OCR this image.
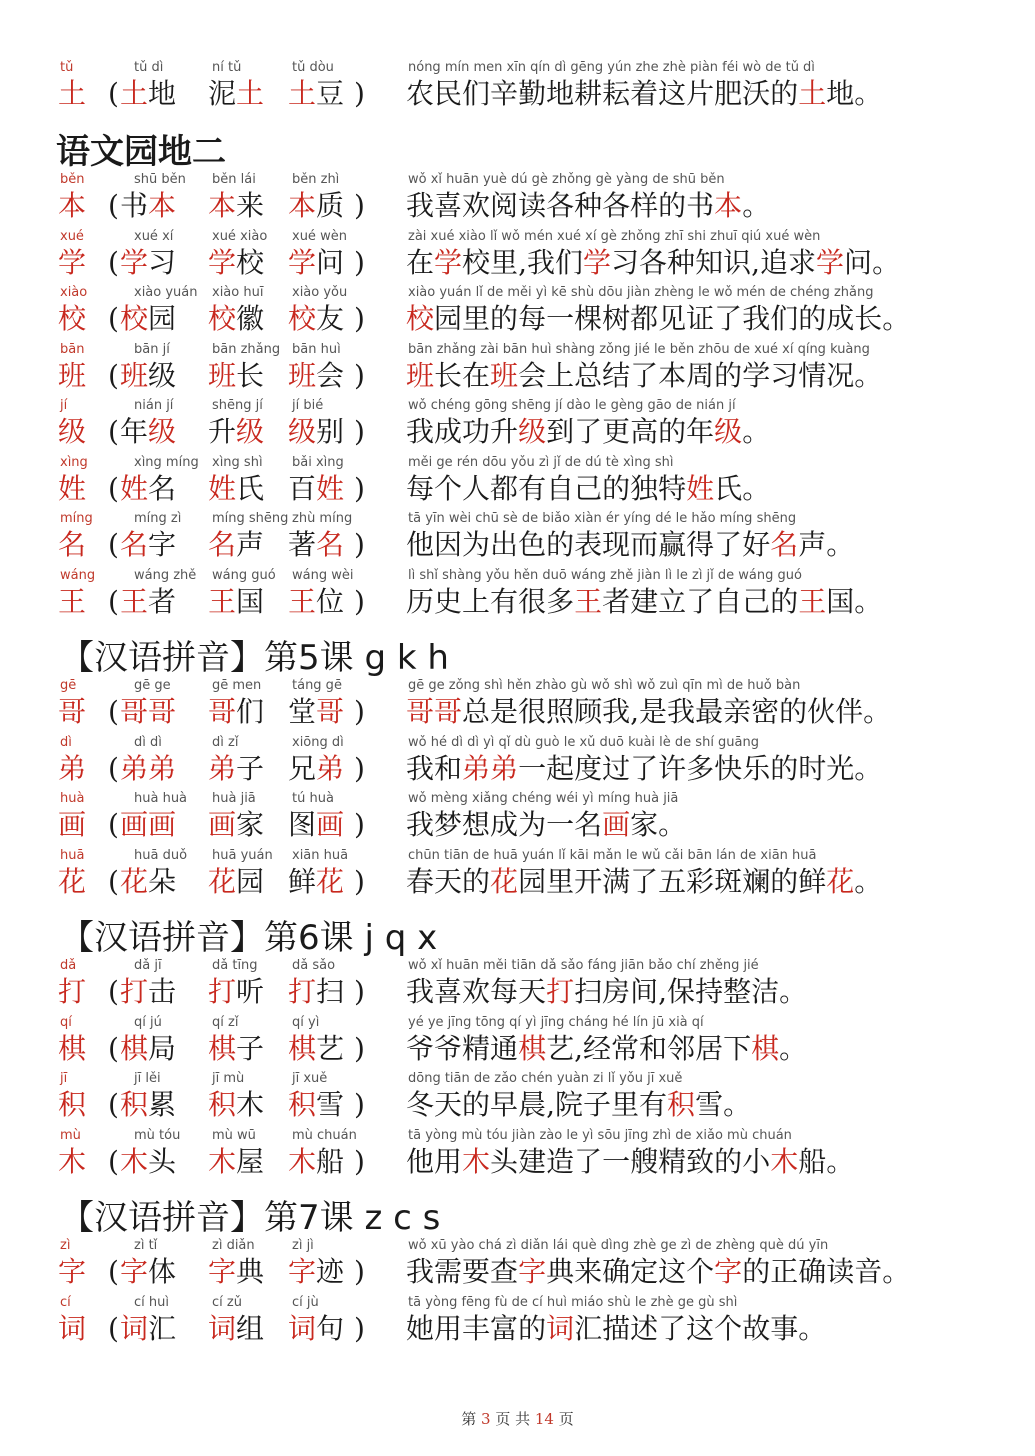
tǔ
土 (
tǔ dì
土地
ní tǔ
泥土
tǔ dòu
土豆 )
nóng mín men xīn qín dì gēng yún zhe zhè piàn féi wò de tǔ dì
农民们辛勤地耕耘着这片肥沃的土地。
语文园地二
běn
本 (
shū běn
书本
běn lái
本来
běn zhì
本质 )
wǒ xǐ huān yuè dú gè zhǒng gè yàng de shū běn
我喜欢阅读各种各样的书本。
xué
学 (
xué xí
学习
xué xiào
学校
xué wèn
学问 )
zài xué xiào lǐ wǒ mén xué xí gè zhǒng zhī shi zhuī qiú xué wèn
在学校里,我们学习各种知识,追求学问。
xiào
校 (
xiào yuán
校园
xiào huī
校徽
xiào yǒu
校友 )
xiào yuán lǐ de měi yì kē shù dōu jiàn zhèng le wǒ mén de chéng zhǎng
校园里的每一棵树都见证了我们的成长。
bān
班 (
bān jí
班级
bān zhǎng
班长
bān huì
班会 )
bān zhǎng zài bān huì shàng zǒng jié le běn zhōu de xué xí qíng kuàng
班长在班会上总结了本周的学习情况。
jí
级 (
nián jí
年级
shēng jí
升级
jí bié
级别 )
wǒ chéng gōng shēng jí dào le gèng gāo de nián jí
我成功升级到了更高的年级。
xìng
姓 (
xìng míng
姓名
xìng shì
姓氏
bǎi xìng
百姓 )
měi ge rén dōu yǒu zì jǐ de dú tè xìng shì
每个人都有自己的独特姓氏。
míng
名 (
míng zì
名字
míng shēng
名声
zhù míng
著名 )
tā yīn wèi chū sè de biǎo xiàn ér yíng dé le hǎo míng shēng
他因为出色的表现而赢得了好名声。
wáng
王 (
wáng zhě
王者
wáng guó
王国
wáng wèi
王位 )
lì shǐ shàng yǒu hěn duō wáng zhě jiàn lì le zì jǐ de wáng guó
历史上有很多王者建立了自己的王国。
【汉语拼音】第5课 g k h
gē
哥 (
gē ge
哥哥
gē men
哥们
táng gē
堂哥 )
gē ge zǒng shì hěn zhào gù wǒ shì wǒ zuì qīn mì de huǒ bàn
哥哥总是很照顾我,是我最亲密的伙伴。
dì
弟 (
dì dì
弟弟
dì zǐ
弟子
xiōng dì
兄弟 )
wǒ hé dì dì yì qǐ dù guò le xǔ duō kuài lè de shí guāng
我和弟弟一起度过了许多快乐的时光。
huà
画 (
huà huà
画画
huà jiā
画家
tú huà
图画 )
wǒ mèng xiǎng chéng wéi yì míng huà jiā
我梦想成为一名画家。
huā
花 (
huā duǒ
花朵
huā yuán
花园
xiān huā
鲜花 )
chūn tiān de huā yuán lǐ kāi mǎn le wǔ cǎi bān lán de xiān huā
春天的花园里开满了五彩斑斓的鲜花。
【汉语拼音】第6课 j q x
dǎ
打 (
dǎ jī
打击
dǎ tīng
打听
dǎ sǎo
打扫 )
wǒ xǐ huān měi tiān dǎ sǎo fáng jiān bǎo chí zhěng jié
我喜欢每天打扫房间,保持整洁。
qí
棋 (
qí jú
棋局
qí zǐ
棋子
qí yì
棋艺 )
yé ye jīng tōng qí yì jīng cháng hé lín jū xià qí
爷爷精通棋艺,经常和邻居下棋。
jī
积 (
jī lěi
积累
jī mù
积木
jī xuě
积雪 )
dōng tiān de zǎo chén yuàn zi lǐ yǒu jī xuě
冬天的早晨,院子里有积雪。
mù
木 (
mù tóu
木头
mù wū
木屋
mù chuán
木船 )
tā yòng mù tóu jiàn zào le yì sōu jīng zhì de xiǎo mù chuán
他用木头建造了一艘精致的小木船。
【汉语拼音】第7课 z c s
zì
字 (
zì tǐ
字体
zì diǎn
字典
zì jì
字迹 )
wǒ xū yào chá zì diǎn lái què dìng zhè ge zì de zhèng què dú yīn
我需要查字典来确定这个字的正确读音。
cí
词 (
cí huì
词汇
cí zǔ
词组
cí jù
词句 )
tā yòng fēng fù de cí huì miáo shù le zhè ge gù shì
她用丰富的词汇描述了这个故事。
第 3 页 共 14 页
